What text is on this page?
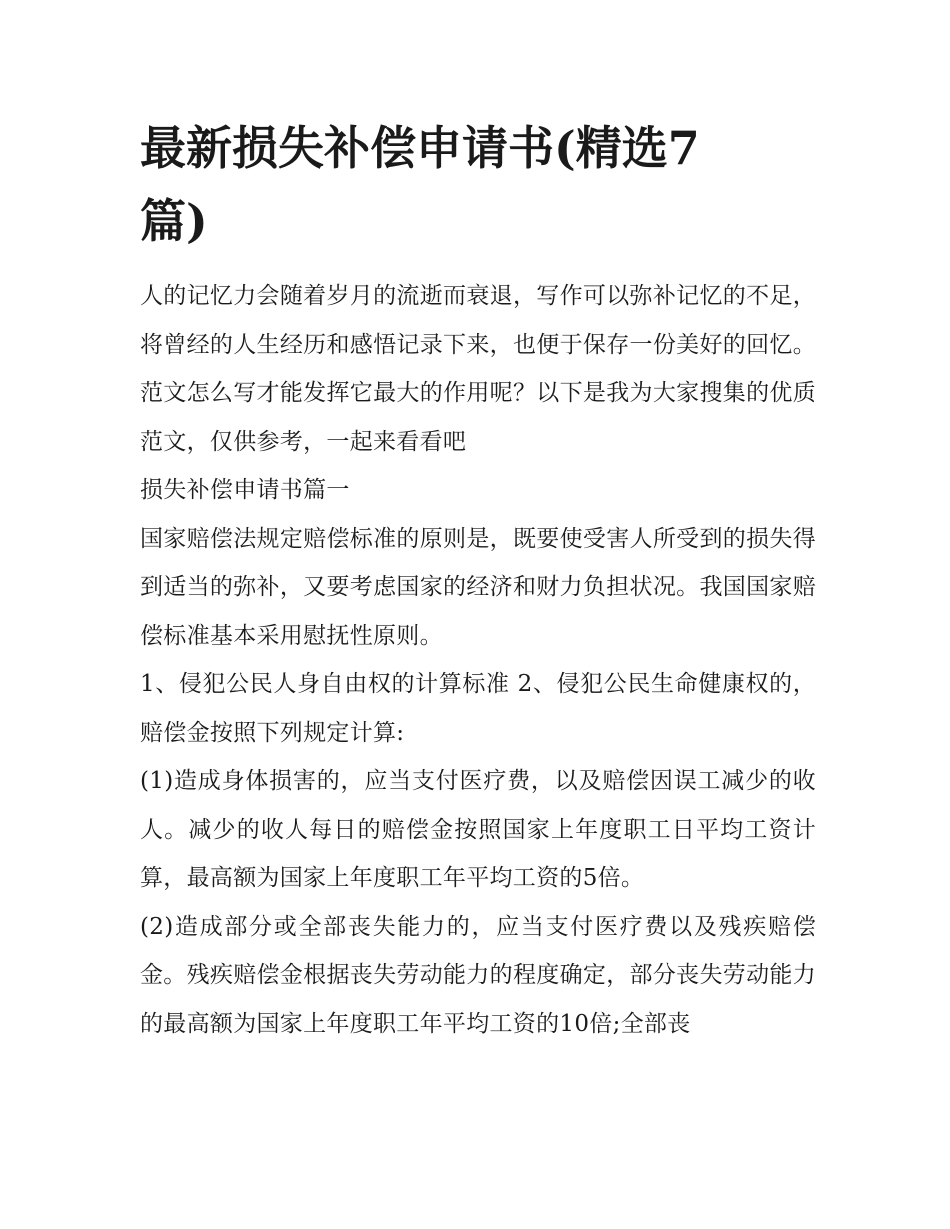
最新损失补偿申请书(精选7篇)

人的记忆力会随着岁月的流逝而衰退，写作可以弥补记忆的不足，将曾经的人生经历和感悟记录下来，也便于保存一份美好的回忆。范文怎么写才能发挥它最大的作用呢？以下是我为大家搜集的优质范文，仅供参考，一起来看看吧

损失补偿申请书篇一

国家赔偿法规定赔偿标准的原则是，既要使受害人所受到的损失得到适当的弥补，又要考虑国家的经济和财力负担状况。我国国家赔偿标准基本采用慰抚性原则。

1、侵犯公民人身自由权的计算标准 2、侵犯公民生命健康权的，赔偿金按照下列规定计算:

(1)造成身体损害的，应当支付医疗费，以及赔偿因误工减少的收人。减少的收人每日的赔偿金按照国家上年度职工日平均工资计算，最高额为国家上年度职工年平均工资的5倍。

(2)造成部分或全部丧失能力的，应当支付医疗费以及残疾赔偿金。残疾赔偿金根据丧失劳动能力的程度确定，部分丧失劳动能力的最高额为国家上年度职工年平均工资的10倍;全部丧
